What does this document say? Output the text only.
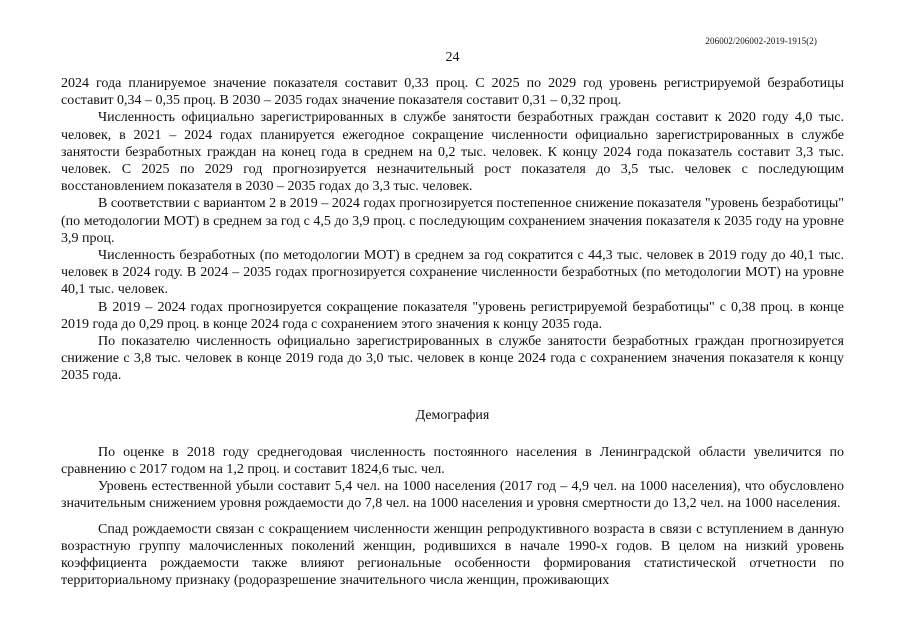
206002/206002-2019-1915(2)
24

2024 года планируемое значение показателя составит 0,33 проц. С 2025 по 2029 год уровень регистрируемой безработицы составит 0,34 – 0,35 проц. В 2030 – 2035 годах значение показателя составит 0,31 – 0,32 проц.

Численность официально зарегистрированных в службе занятости безработных граждан составит к 2020 году 4,0 тыс. человек, в 2021 – 2024 годах планируется ежегодное сокращение численности официально зарегистрированных в службе занятости безработных граждан на конец года в среднем на 0,2 тыс. человек. К концу 2024 года показатель составит 3,3 тыс. человек. С 2025 по 2029 год прогнозируется незначительный рост показателя до 3,5 тыс. человек с последующим восстановлением показателя в 2030 – 2035 годах до 3,3 тыс. человек.

В соответствии с вариантом 2 в 2019 – 2024 годах прогнозируется постепенное снижение показателя "уровень безработицы" (по методологии МОТ) в среднем за год с 4,5 до 3,9 проц. с последующим сохранением значения показателя к 2035 году на уровне 3,9 проц.

Численность безработных (по методологии МОТ) в среднем за год сократится с 44,3 тыс. человек в 2019 году до 40,1 тыс. человек в 2024 году. В 2024 – 2035 годах прогнозируется сохранение численности безработных (по методологии МОТ) на уровне 40,1 тыс. человек.

В 2019 – 2024 годах прогнозируется сокращение показателя "уровень регистрируемой безработицы" с 0,38 проц. в конце 2019 года до 0,29 проц. в конце 2024 года с сохранением этого значения к концу 2035 года.

По показателю численность официально зарегистрированных в службе занятости безработных граждан прогнозируется снижение с 3,8 тыс. человек в конце 2019 года до 3,0 тыс. человек в конце 2024 года с сохранением значения показателя к концу 2035 года.

Демография

По оценке в 2018 году среднегодовая численность постоянного населения в Ленинградской области увеличится по сравнению с 2017 годом на 1,2 проц. и составит 1824,6 тыс. чел.

Уровень естественной убыли составит 5,4 чел. на 1000 населения (2017 год – 4,9 чел. на 1000 населения), что обусловлено значительным снижением уровня рождаемости до 7,8 чел. на 1000 населения и уровня смертности до 13,2 чел. на 1000 населения.

Спад рождаемости связан с сокращением численности женщин репродуктивного возраста в связи с вступлением в данную возрастную группу малочисленных поколений женщин, родившихся в начале 1990-х годов. В целом на низкий уровень коэффициента рождаемости также влияют региональные особенности формирования статистической отчетности по территориальному признаку (родоразрешение значительного числа женщин, проживающих
